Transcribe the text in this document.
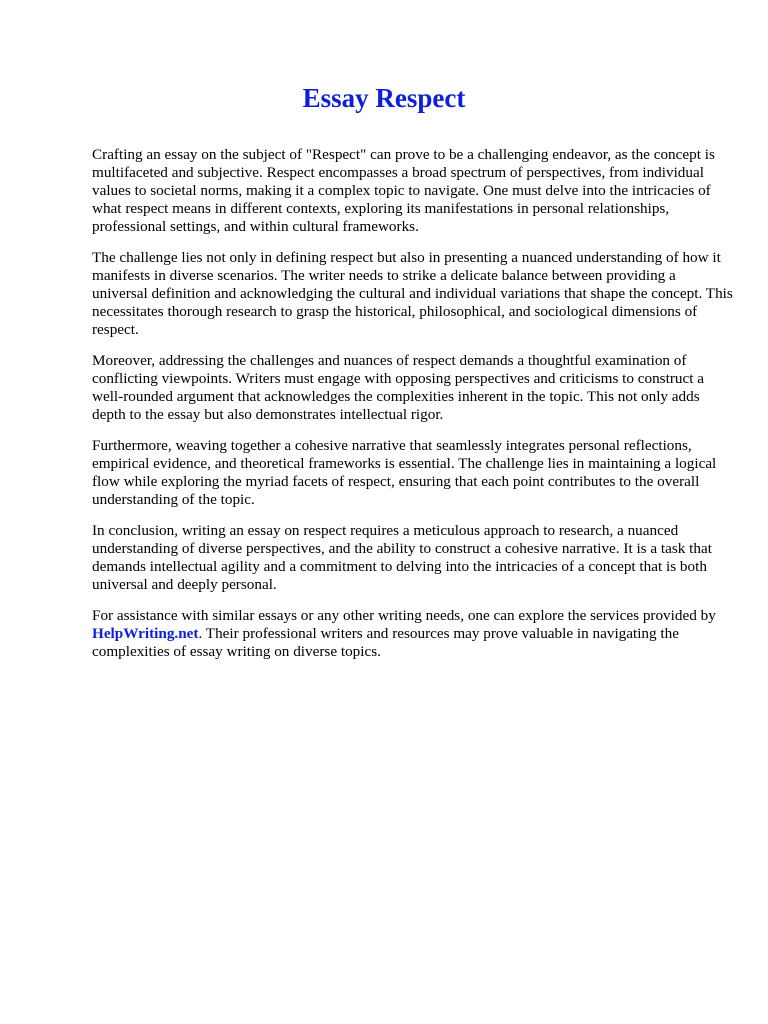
Essay Respect

Crafting an essay on the subject of "Respect" can prove to be a challenging endeavor, as the concept is multifaceted and subjective. Respect encompasses a broad spectrum of perspectives, from individual values to societal norms, making it a complex topic to navigate. One must delve into the intricacies of what respect means in different contexts, exploring its manifestations in personal relationships, professional settings, and within cultural frameworks.

The challenge lies not only in defining respect but also in presenting a nuanced understanding of how it manifests in diverse scenarios. The writer needs to strike a delicate balance between providing a universal definition and acknowledging the cultural and individual variations that shape the concept. This necessitates thorough research to grasp the historical, philosophical, and sociological dimensions of respect.

Moreover, addressing the challenges and nuances of respect demands a thoughtful examination of conflicting viewpoints. Writers must engage with opposing perspectives and criticisms to construct a well-rounded argument that acknowledges the complexities inherent in the topic. This not only adds depth to the essay but also demonstrates intellectual rigor.

Furthermore, weaving together a cohesive narrative that seamlessly integrates personal reflections, empirical evidence, and theoretical frameworks is essential. The challenge lies in maintaining a logical flow while exploring the myriad facets of respect, ensuring that each point contributes to the overall understanding of the topic.

In conclusion, writing an essay on respect requires a meticulous approach to research, a nuanced understanding of diverse perspectives, and the ability to construct a cohesive narrative. It is a task that demands intellectual agility and a commitment to delving into the intricacies of a concept that is both universal and deeply personal.

For assistance with similar essays or any other writing needs, one can explore the services provided by HelpWriting.net. Their professional writers and resources may prove valuable in navigating the complexities of essay writing on diverse topics.
